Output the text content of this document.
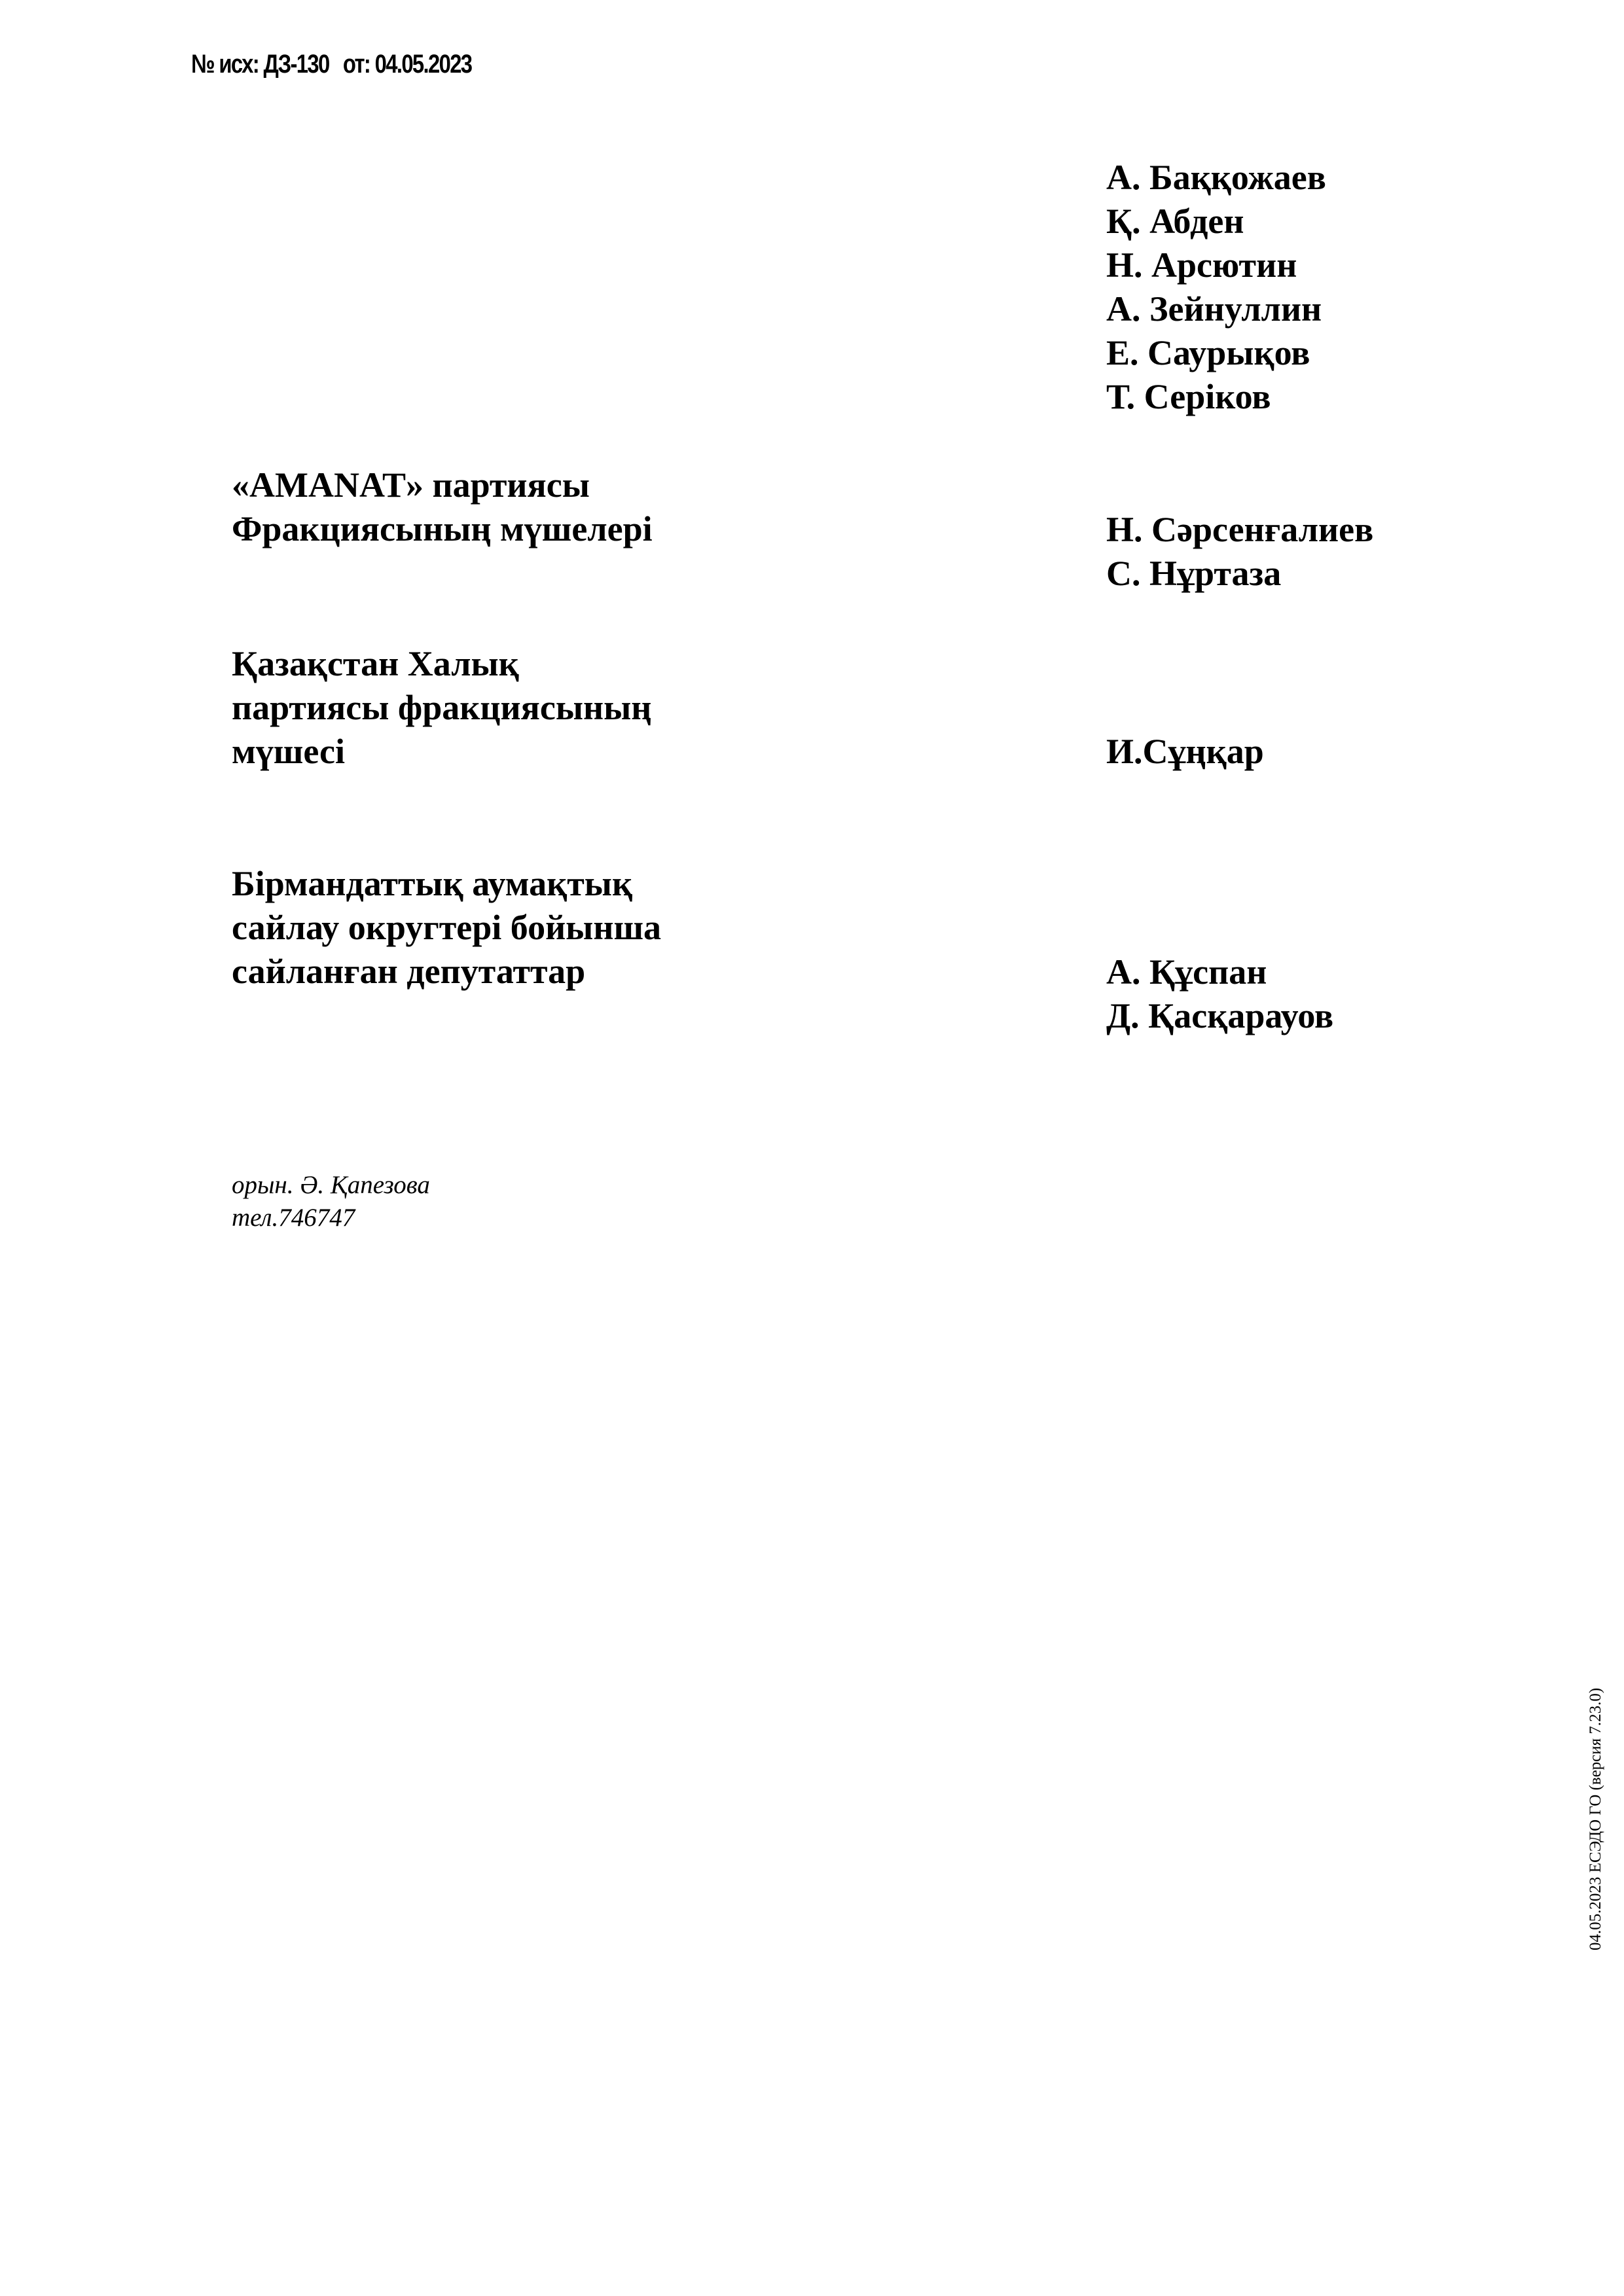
№ исх: ДЗ-130 от: 04.05.2023
А. Баққожаев
Қ. Абден
Н. Арсютин
А. Зейнуллин
Е. Саурықов
Т. Серіков
«AMANAT» партиясы
Фракциясының мүшелері	Н. Сәрсенғалиев
С. Нұртаза
Қазақстан Халық
партиясы фракциясының
мүшесі	И.Сұңқар
Бірмандаттық аумақтық
сайлау округтері бойынша
сайланған депутаттар	А. Құспан
Д. Қасқарауов
орын. Ә. Қапезова
тел.746747
04.05.2023 ЕСЭДО ГО (версия 7.23.0)
